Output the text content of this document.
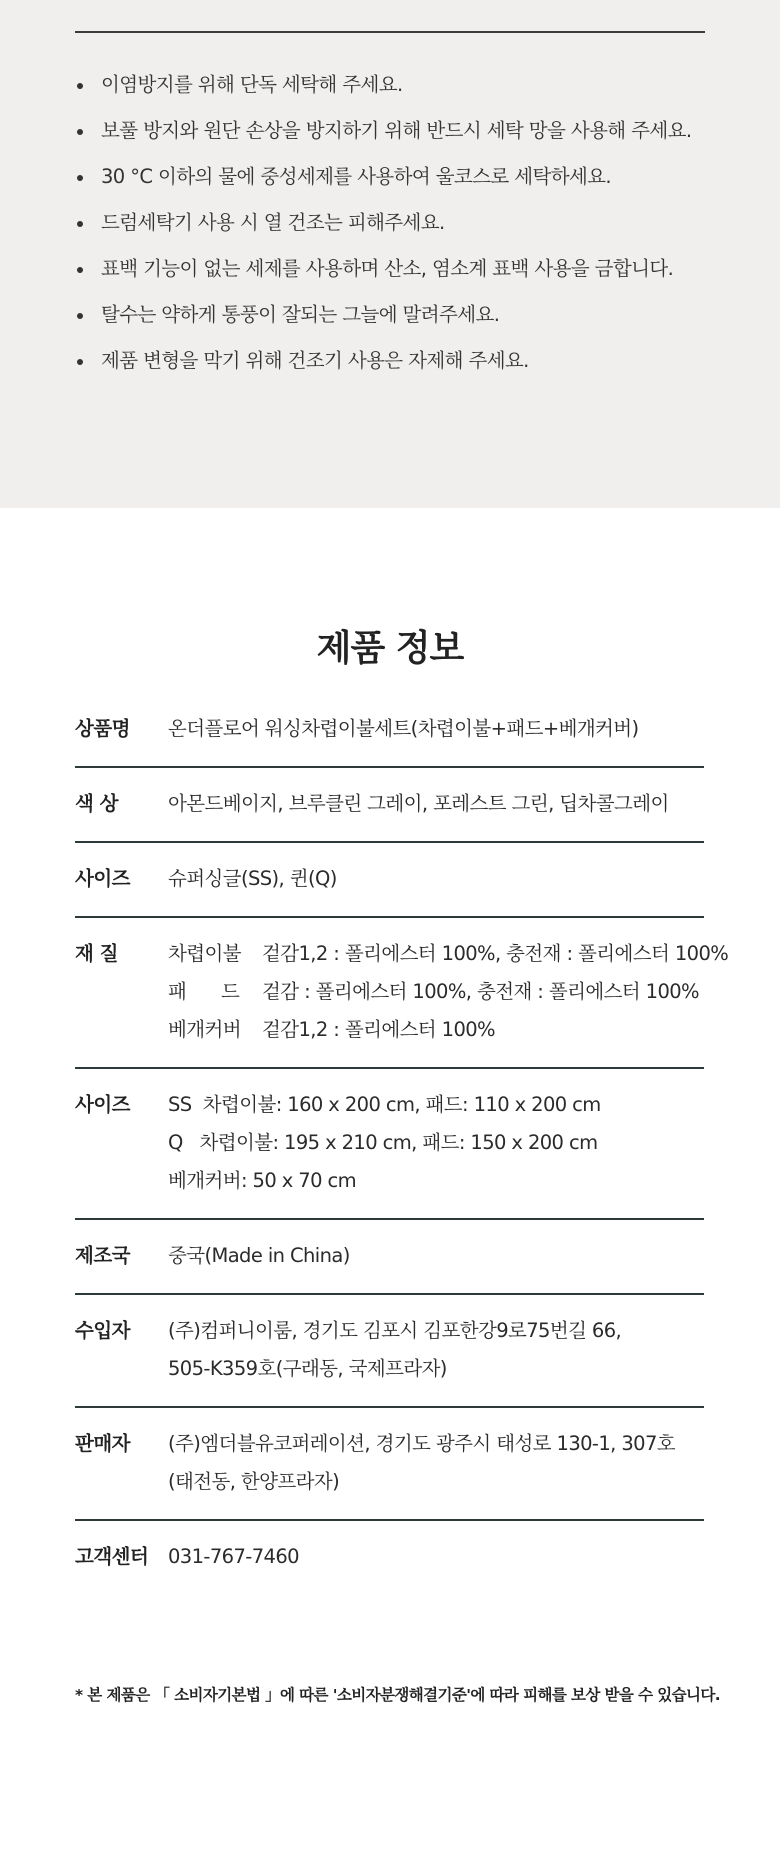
이염방지를 위해 단독 세탁해 주세요.
보풀 방지와 원단 손상을 방지하기 위해 반드시 세탁 망을 사용해 주세요.
30 °C 이하의 물에 중성세제를 사용하여 울코스로 세탁하세요.
드럼세탁기 사용 시 열 건조는 피해주세요.
표백 기능이 없는 세제를 사용하며 산소, 염소계 표백 사용을 금합니다.
탈수는 약하게 통풍이 잘되는 그늘에 말려주세요.
제품 변형을 막기 위해 건조기 사용은 자제해 주세요.
제품 정보
상품명	온더플로어 워싱차렵이불세트(차렵이불+패드+베개커버)
색 상	아몬드베이지, 브루클린 그레이, 포레스트 그린, 딥차콜그레이
사이즈	슈퍼싱글(SS), 퀸(Q)
재 질	차렵이불	겉감1,2 : 폴리에스터 100%, 충전재 : 폴리에스터 100%
패 드 겉감 : 폴리에스터 100%, 충전재 : 폴리에스터 100%
베개커버	겉감1,2 : 폴리에스터 100%
사이즈	SS  차렵이불: 160 x 200 cm, 패드: 110 x 200 cm
Q   차렵이불: 195 x 210 cm, 패드: 150 x 200 cm
베개커버: 50 x 70 cm
제조국	중국(Made in China)
수입자	(주)컴퍼니이룸, 경기도 김포시 김포한강9로75번길 66,
505-K359호(구래동, 국제프라자)
판매자	(주)엠더블유코퍼레이션, 경기도 광주시 태성로 130-1, 307호
(태전동, 한양프라자)
고객센터	031-767-7460
* 본 제품은 「 소비자기본법 」에 따른 '소비자분쟁해결기준'에 따라 피해를 보상 받을 수 있습니다.
